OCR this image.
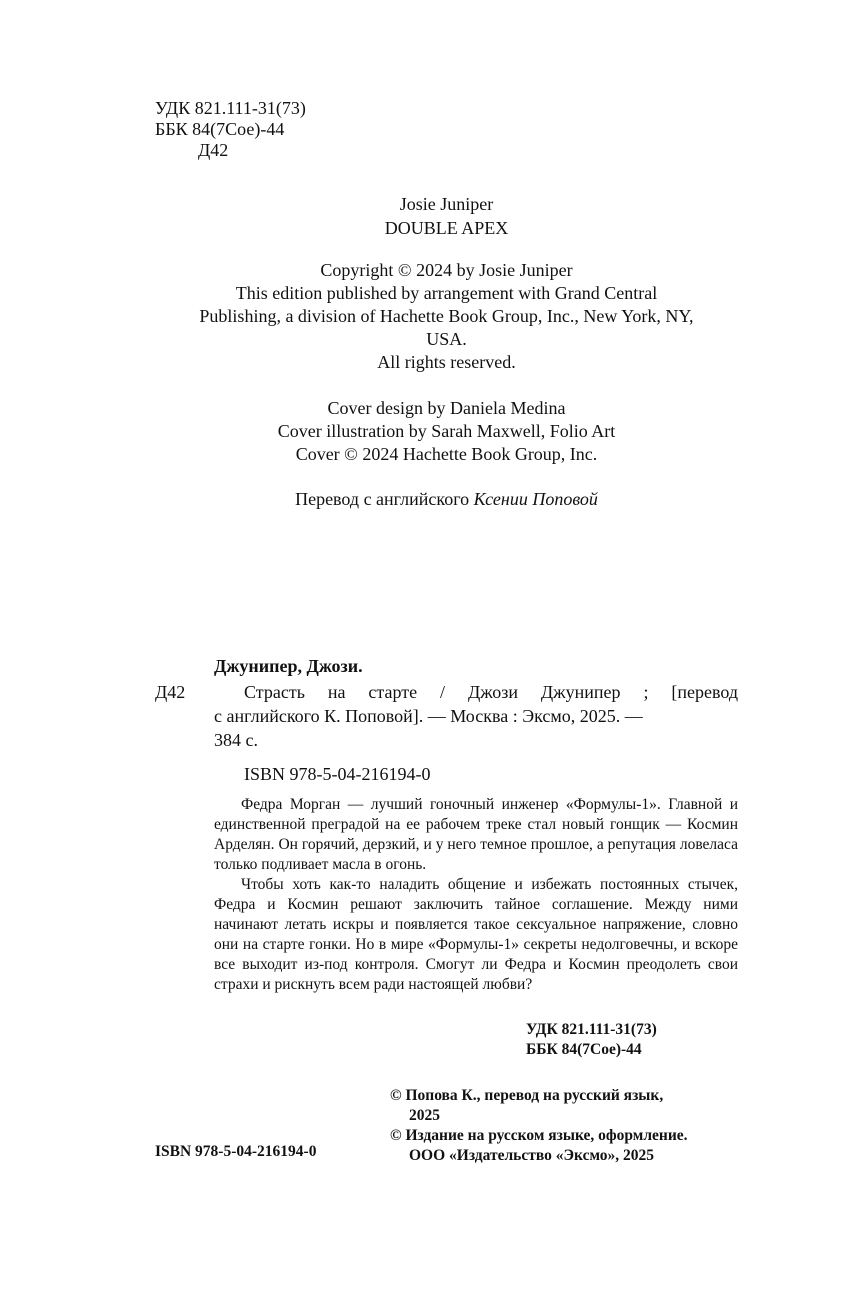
УДК 821.111-31(73)
ББК 84(7Сое)-44
Д42
Josie Juniper
DOUBLE APEX
Copyright © 2024 by Josie Juniper
This edition published by arrangement with Grand Central
Publishing, a division of Hachette Book Group, Inc., New York, NY,
USA.
All rights reserved.
Cover design by Daniela Medina
Cover illustration by Sarah Maxwell, Folio Art
Cover © 2024 Hachette Book Group, Inc.
Перевод с английского Ксении Поповой
Джунипер, Джози.
Д42	Страсть на старте / Джози Джунипер ; [перевод
с английского К. Поповой]. — Москва : Эксмо, 2025. —
384 с.
ISBN 978-5-04-216194-0

Федра Морган — лучший гоночный инженер «Формулы-1». Главной и единственной преградой на ее рабочем треке стал новый гонщик — Космин Арделян. Он горячий, дерзкий, и у него темное прошлое, а репутация ловеласа только подливает масла в огонь.

Чтобы хоть как-то наладить общение и избежать постоянных стычек, Федра и Космин решают заключить тайное соглашение. Между ними начинают летать искры и появляется такое сексуальное напряжение, словно они на старте гонки. Но в мире «Формулы-1» секреты недолговечны, и вскоре все выходит из-под контроля. Смогут ли Федра и Космин преодолеть свои страхи и рискнуть всем ради настоящей любви?

УДК 821.111-31(73)
ББК 84(7Сое)-44
© Попова К., перевод на русский язык,
2025
© Издание на русском языке, оформление.
ООО «Издательство «Эксмо», 2025
ISBN 978-5-04-216194-0
